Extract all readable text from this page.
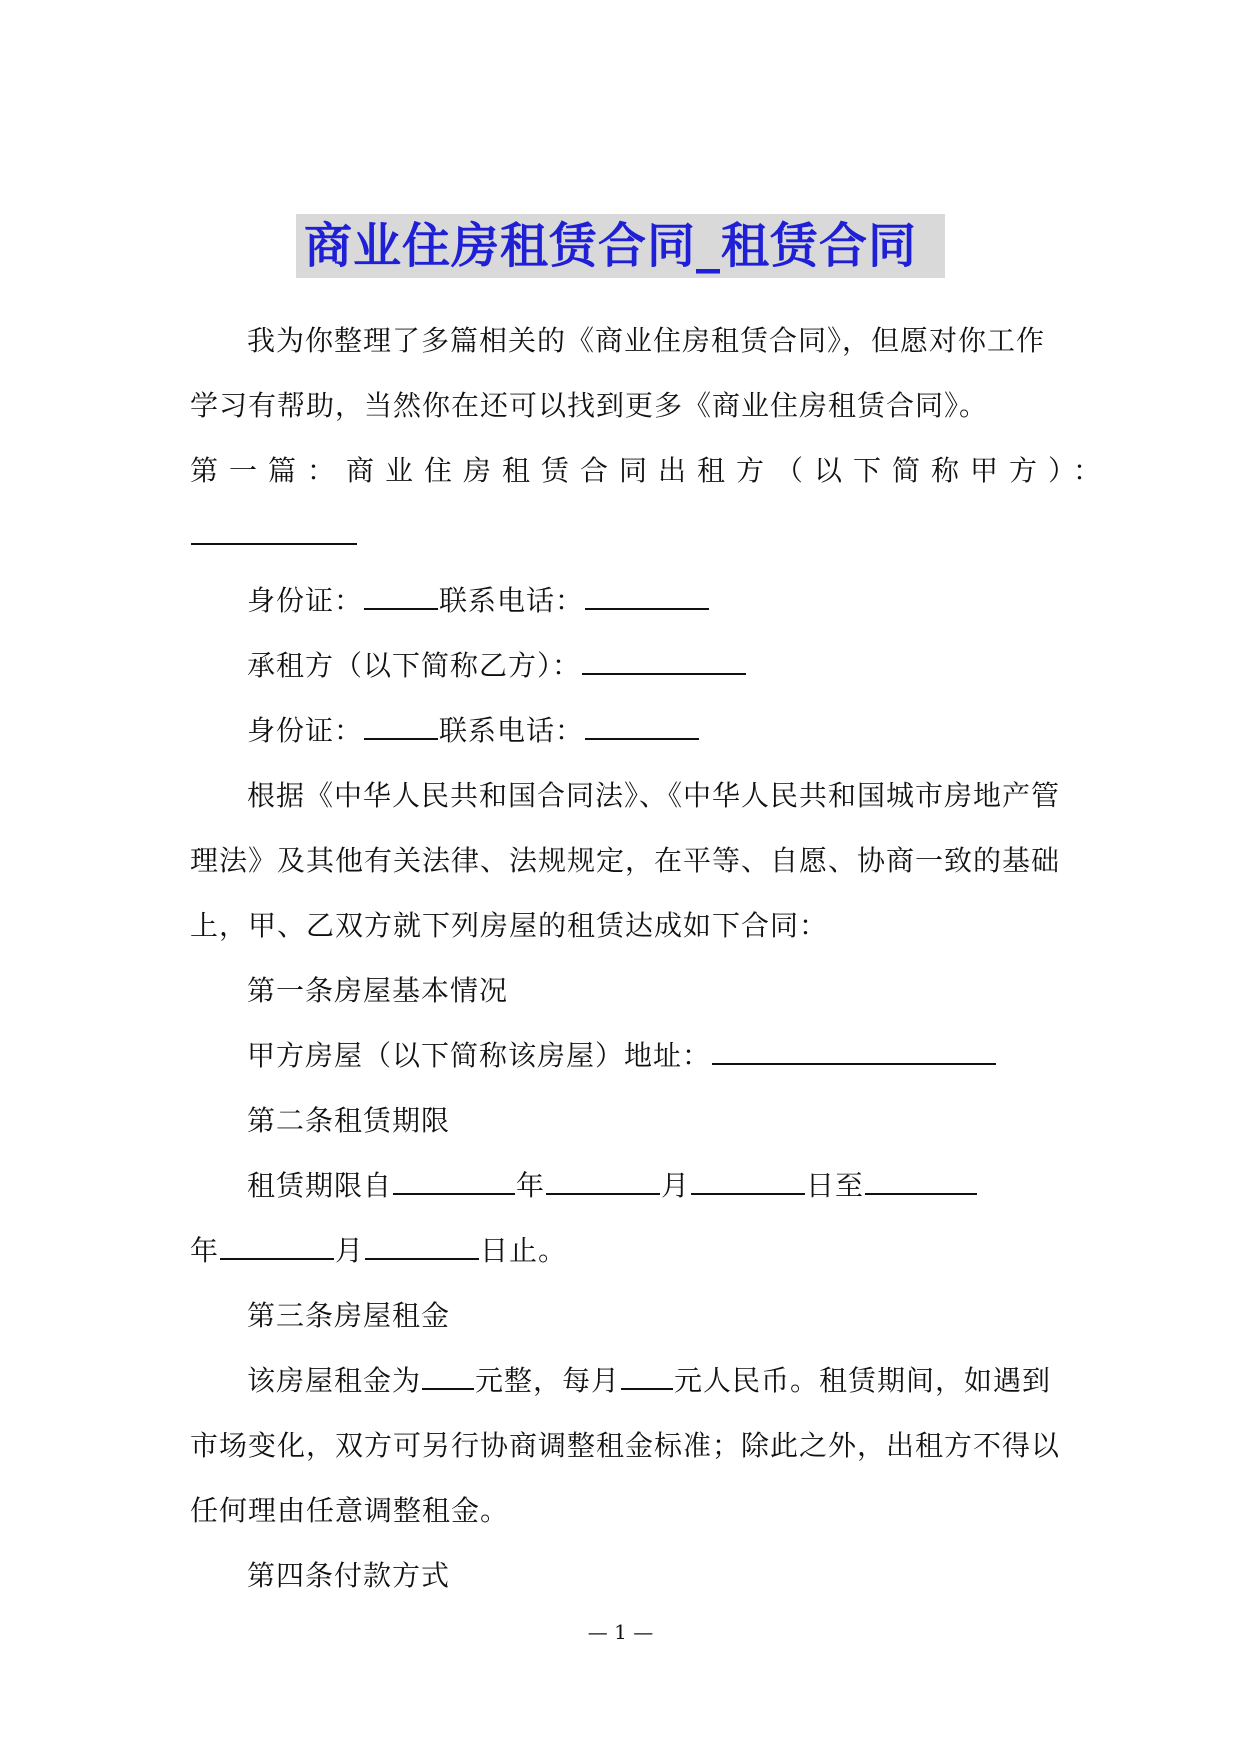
商业住房租赁合同_租赁合同
我为你整理了多篇相关的《商业住房租赁合同》，但愿对你工作
学习有帮助，当然你在还可以找到更多《商业住房租赁合同》。
第一篇：商业住房租赁合同 出租方（以下简称甲方）：
身份证：	联系电话：
承租方（以下简称乙方）：
身份证：	联系电话：
根据《中华人民共和国合同法》、《中华人民共和国城市房地产管
理法》及其他有关法律、法规规定，在平等、自愿、协商一致的基础
上，甲、乙双方就下列房屋的租赁达成如下合同：
第一条房屋基本情况
甲方房屋（以下简称该房屋）地址：
第二条租赁期限
租赁期限自	年	月	日至
年	月	日止。
第三条房屋租金
该房屋租金为 元整，每月 元人民币。租赁期间，如遇到
市场变化，双方可另行协商调整租金标准；除此之外，出租方不得以
任何理由任意调整租金。
第四条付款方式
— 1 —
